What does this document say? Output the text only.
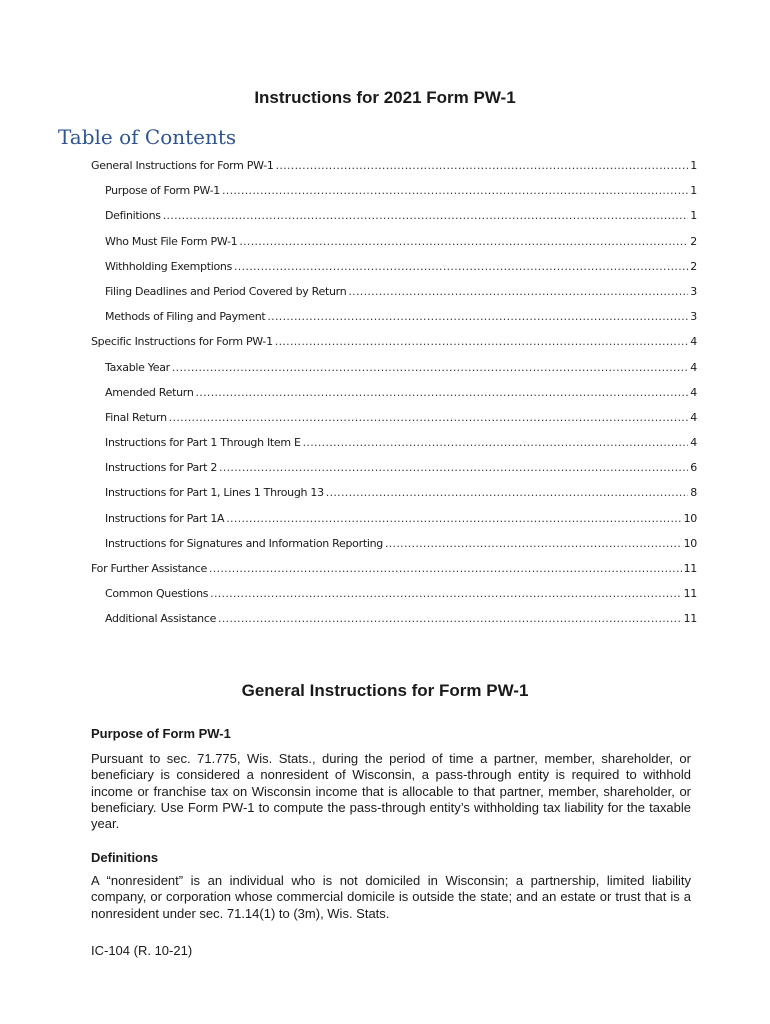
Instructions for 2021 Form PW-1
Table of Contents
General Instructions for Form PW-1 .....	1
Purpose of Form PW-1 .....	1
Definitions .....	1
Who Must File Form PW-1 .....	2
Withholding Exemptions .....	2
Filing Deadlines and Period Covered by Return .....	3
Methods of Filing and Payment .....	3
Specific Instructions for Form PW-1 .....	4
Taxable Year .....	4
Amended Return .....	4
Final Return .....	4
Instructions for Part 1 Through Item E .....	4
Instructions for Part 2 .....	6
Instructions for Part 1, Lines 1 Through 13 .....	8
Instructions for Part 1A .....	10
Instructions for Signatures and Information Reporting .....	10
For Further Assistance .....	11
Common Questions .....	11
Additional Assistance .....	11
General Instructions for Form PW-1
Purpose of Form PW-1
Pursuant to sec. 71.775, Wis. Stats., during the period of time a partner, member, shareholder, or beneficiary is considered a nonresident of Wisconsin, a pass-through entity is required to withhold income or franchise tax on Wisconsin income that is allocable to that partner, member, shareholder, or beneficiary. Use Form PW-1 to compute the pass-through entity’s withholding tax liability for the taxable year.
Definitions
A “nonresident” is an individual who is not domiciled in Wisconsin; a partnership, limited liability company, or corporation whose commercial domicile is outside the state; and an estate or trust that is a nonresident under sec. 71.14(1) to (3m), Wis. Stats.
IC-104 (R. 10-21)
